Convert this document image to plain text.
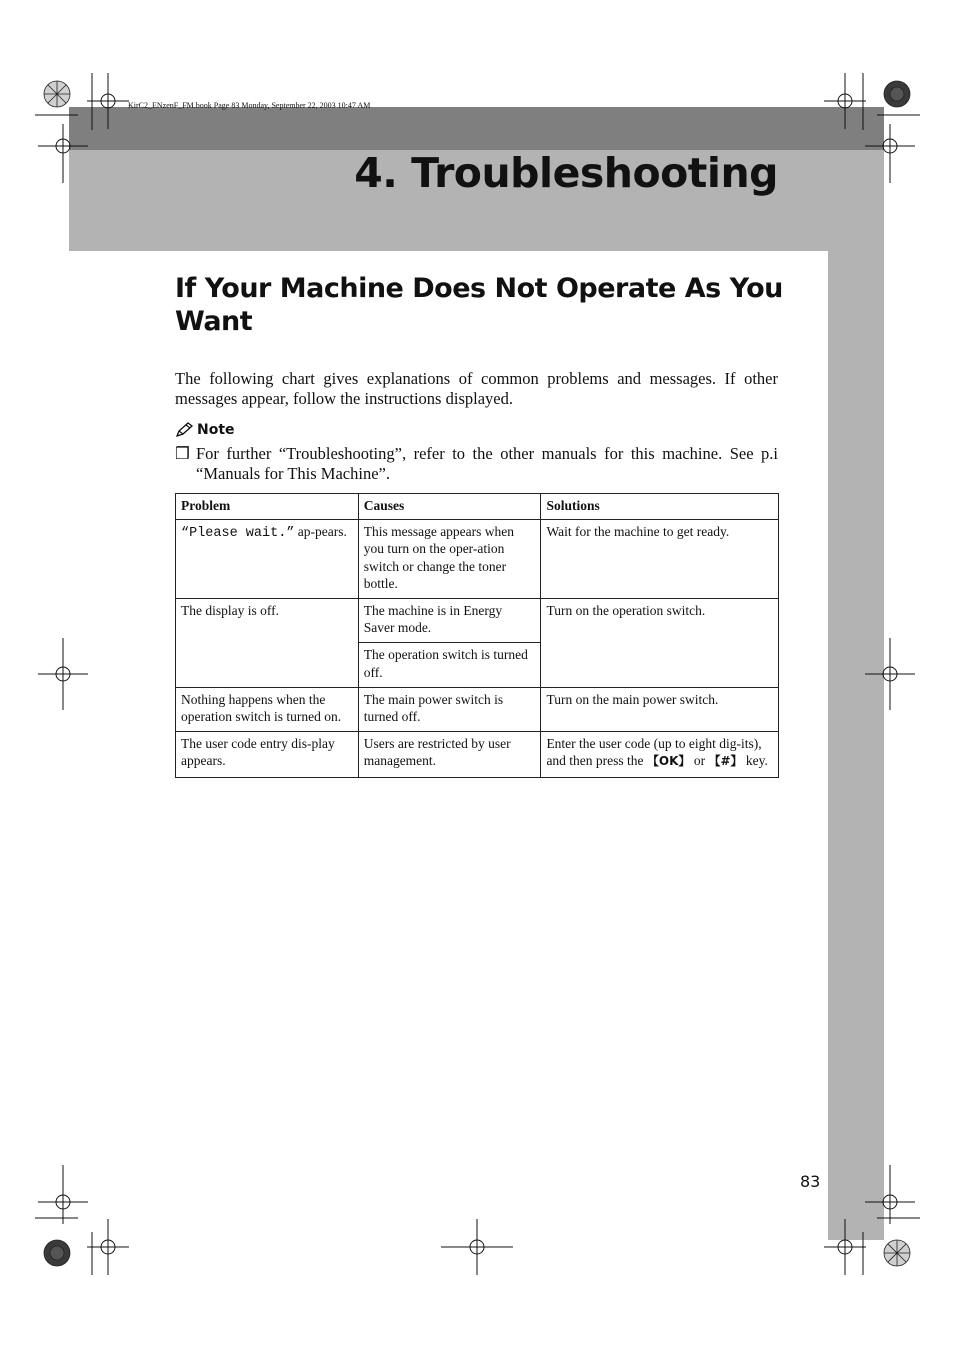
KirC2_ENzenF_FM.book Page 83 Monday, September 22, 2003 10:47 AM
4. Troubleshooting
If Your Machine Does Not Operate As You Want

The following chart gives explanations of common problems and messages. If other messages appear, follow the instructions displayed.

Note
❒ For further “Troubleshooting”, refer to the other manuals for this machine. See p.i “Manuals for This Machine”.
Problem	Causes	Solutions
“Please wait.” ap-pears.	This message appears when you turn on the oper-ation switch or change the toner bottle.	Wait for the machine to get ready.
The display is off.	The machine is in Energy Saver mode.	Turn on the operation switch.
	The operation switch is turned off.	
Nothing happens when the operation switch is turned on.	The main power switch is turned off.	Turn on the main power switch.
The user code entry dis-play appears.	Users are restricted by user management.	Enter the user code (up to eight dig-its), and then press the 【OK】 or 【#】 key.
83
